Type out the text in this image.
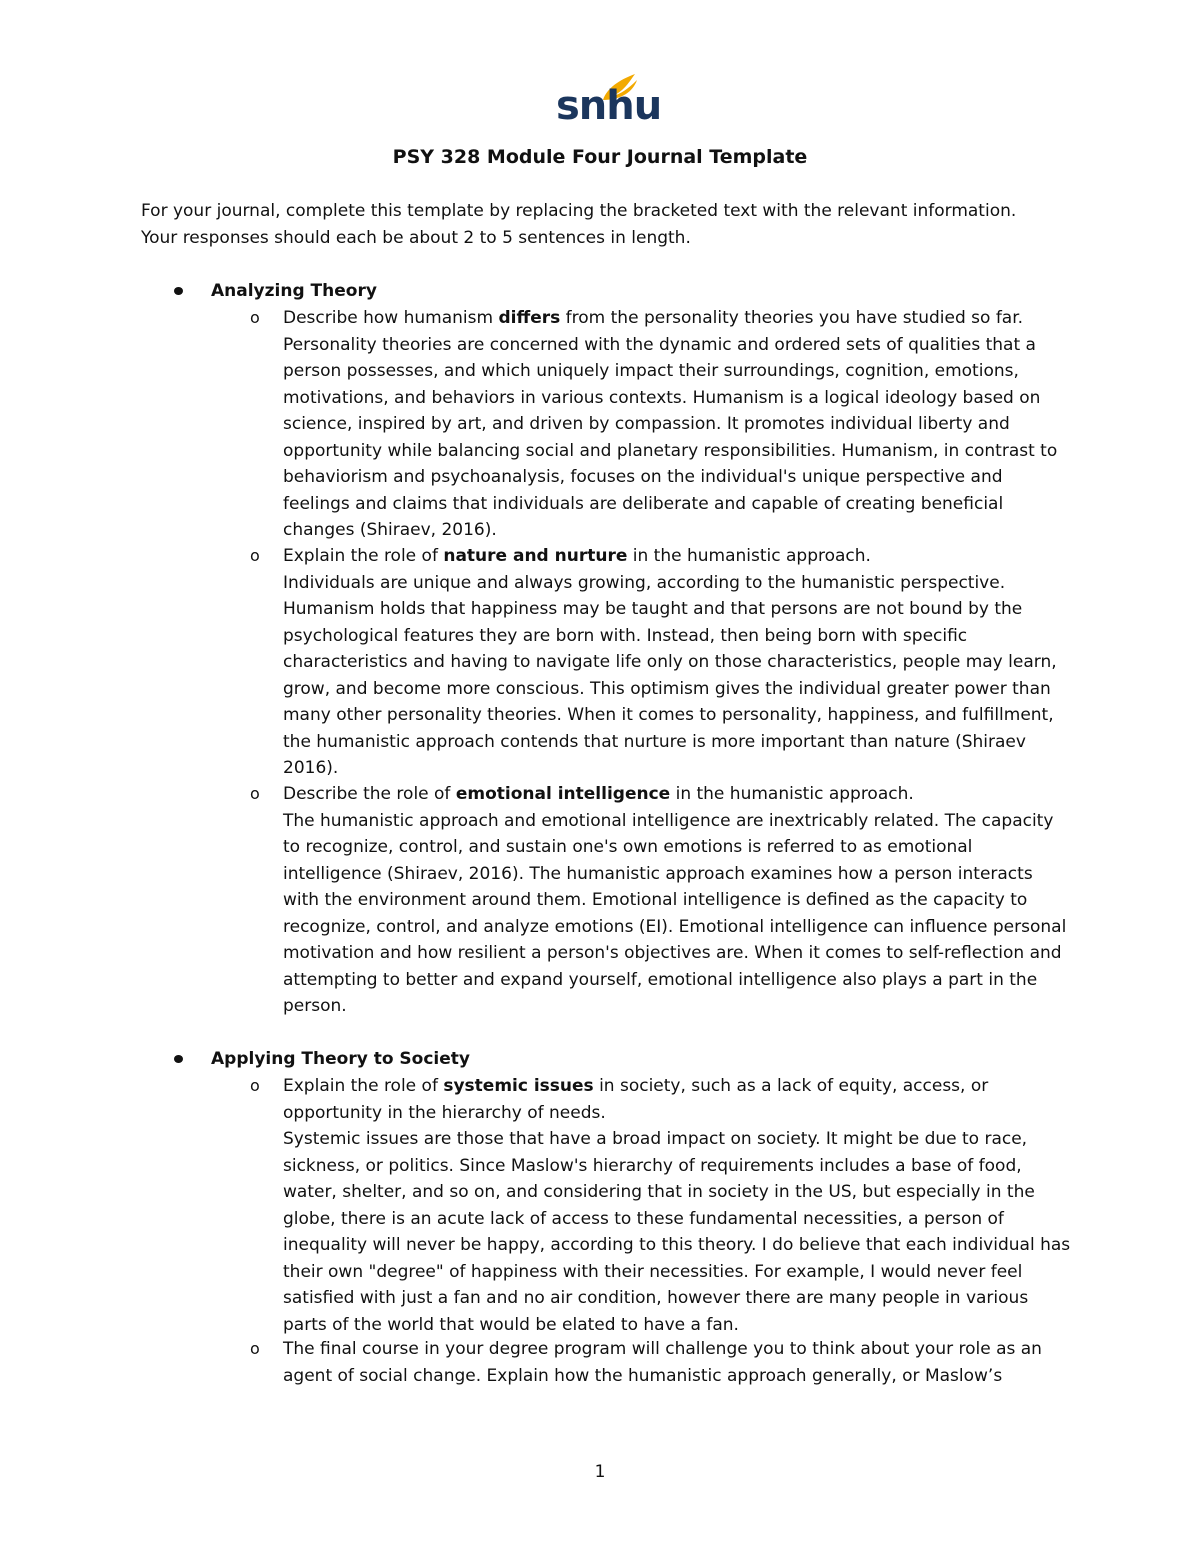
snhu
PSY 328 Module Four Journal Template

For your journal, complete this template by replacing the bracketed text with the relevant information.

Your responses should each be about 2 to 5 sentences in length.

Analyzing Theory
o Describe how humanism differs from the personality theories you have studied so far.

Personality theories are concerned with the dynamic and ordered sets of qualities that a person possesses, and which uniquely impact their surroundings, cognition, emotions, motivations, and behaviors in various contexts. Humanism is a logical ideology based on science, inspired by art, and driven by compassion. It promotes individual liberty and opportunity while balancing social and planetary responsibilities. Humanism, in contrast to behaviorism and psychoanalysis, focuses on the individual's unique perspective and feelings and claims that individuals are deliberate and capable of creating beneficial changes (Shiraev, 2016).

o Explain the role of nature and nurture in the humanistic approach.

Individuals are unique and always growing, according to the humanistic perspective. Humanism holds that happiness may be taught and that persons are not bound by the psychological features they are born with. Instead, then being born with specific characteristics and having to navigate life only on those characteristics, people may learn, grow, and become more conscious. This optimism gives the individual greater power than many other personality theories. When it comes to personality, happiness, and fulfillment, the humanistic approach contends that nurture is more important than nature (Shiraev 2016).

o Describe the role of emotional intelligence in the humanistic approach.

The humanistic approach and emotional intelligence are inextricably related. The capacity to recognize, control, and sustain one's own emotions is referred to as emotional intelligence (Shiraev, 2016). The humanistic approach examines how a person interacts with the environment around them. Emotional intelligence is defined as the capacity to recognize, control, and analyze emotions (EI). Emotional intelligence can influence personal motivation and how resilient a person's objectives are. When it comes to self-reflection and attempting to better and expand yourself, emotional intelligence also plays a part in the person.

Applying Theory to Society
o Explain the role of systemic issues in society, such as a lack of equity, access, or opportunity in the hierarchy of needs.

Systemic issues are those that have a broad impact on society. It might be due to race, sickness, or politics. Since Maslow's hierarchy of requirements includes a base of food, water, shelter, and so on, and considering that in society in the US, but especially in the globe, there is an acute lack of access to these fundamental necessities, a person of inequality will never be happy, according to this theory. I do believe that each individual has their own "degree" of happiness with their necessities. For example, I would never feel satisfied with just a fan and no air condition, however there are many people in various parts of the world that would be elated to have a fan.

o The final course in your degree program will challenge you to think about your role as an agent of social change. Explain how the humanistic approach generally, or Maslow’s

1
